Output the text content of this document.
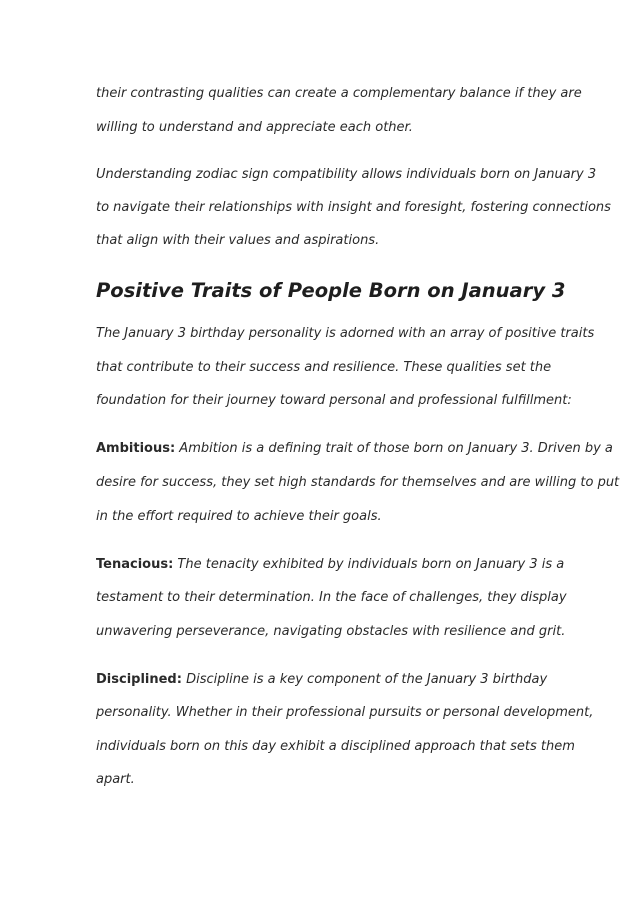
their contrasting qualities can create a complementary balance if they are
willing to understand and appreciate each other.
Understanding zodiac sign compatibility allows individuals born on January 3
to navigate their relationships with insight and foresight, fostering connections
that align with their values and aspirations.
Positive Traits of People Born on January 3
The January 3 birthday personality is adorned with an array of positive traits
that contribute to their success and resilience. These qualities set the
foundation for their journey toward personal and professional fulfillment:
Ambitious: Ambition is a defining trait of those born on January 3. Driven by a
desire for success, they set high standards for themselves and are willing to put
in the effort required to achieve their goals.
Tenacious: The tenacity exhibited by individuals born on January 3 is a
testament to their determination. In the face of challenges, they display
unwavering perseverance, navigating obstacles with resilience and grit.
Disciplined: Discipline is a key component of the January 3 birthday
personality. Whether in their professional pursuits or personal development,
individuals born on this day exhibit a disciplined approach that sets them
apart.
